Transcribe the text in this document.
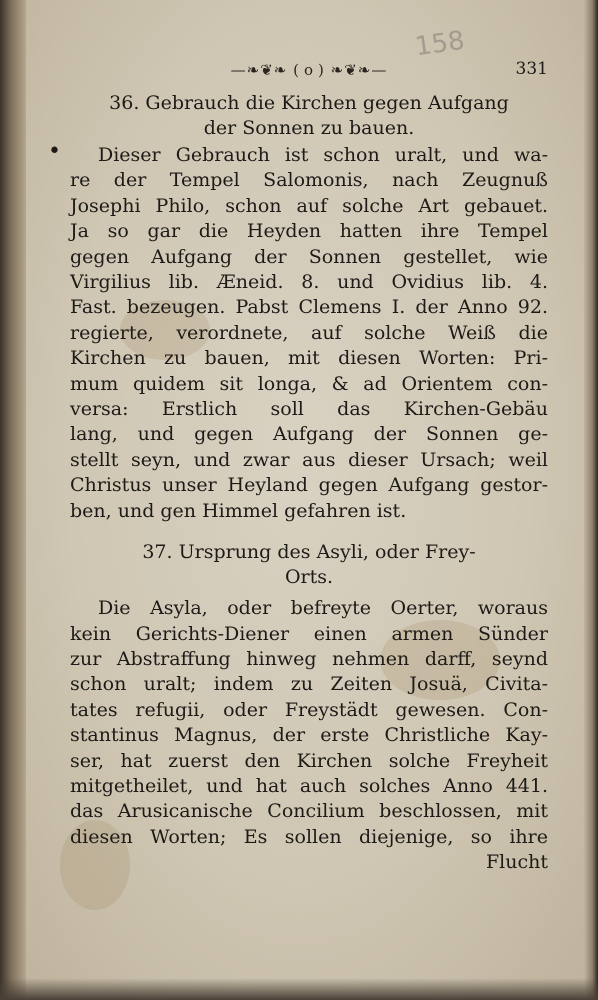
—❧❦❧ ( o ) ❧❦❧—	331
158
36. Gebrauch die Kirchen gegen Aufgang
der Sonnen zu bauen.
•	Dieser Gebrauch ist schon uralt, und wa-
re der Tempel Salomonis, nach Zeugnuß
Josephi Philo, schon auf solche Art gebauet.
Ja so gar die Heyden hatten ihre Tempel
gegen Aufgang der Sonnen gestellet, wie
Virgilius lib. Æneid. 8. und Ovidius lib. 4.
Fast. bezeugen. Pabst Clemens I. der Anno 92.
regierte, verordnete, auf solche Weiß die
Kirchen zu bauen, mit diesen Worten: Pri-
mum quidem sit longa, & ad Orientem con-
versa: Erstlich soll das Kirchen-Gebäu
lang, und gegen Aufgang der Sonnen ge-
stellt seyn, und zwar aus dieser Ursach; weil
Christus unser Heyland gegen Aufgang gestor-
ben, und gen Himmel gefahren ist.
37. Ursprung des Asyli, oder Frey-
Orts.
Die Asyla, oder befreyte Oerter, woraus
kein Gerichts-Diener einen armen Sünder
zur Abstraffung hinweg nehmen darff, seynd
schon uralt; indem zu Zeiten Josuä, Civita-
tates refugii, oder Freystädt gewesen. Con-
stantinus Magnus, der erste Christliche Kay-
ser, hat zuerst den Kirchen solche Freyheit
mitgetheilet, und hat auch solches Anno 441.
das Arusicanische Concilium beschlossen, mit
diesen Worten; Es sollen diejenige, so ihre
Flucht
